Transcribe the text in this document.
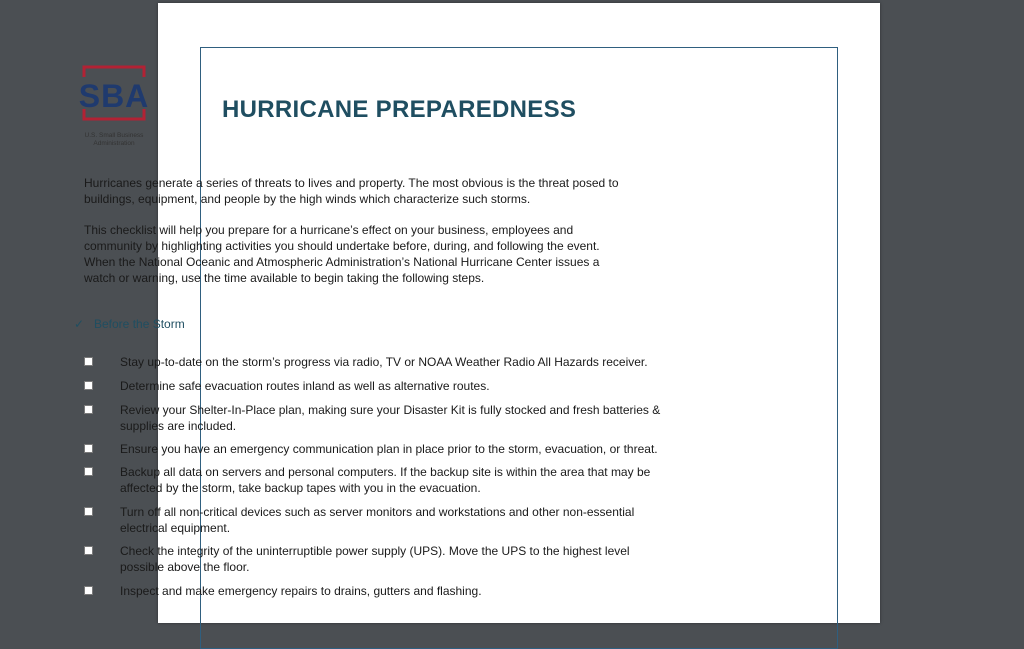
SBA
U.S. Small Business
Administration
HURRICANE PREPAREDNESS
Hurricanes generate a series of threats to lives and property. The most obvious is the threat posed to
buildings, equipment, and people by the high winds which characterize such storms.
This checklist will help you prepare for a hurricane’s effect on your business, employees and
community by highlighting activities you should undertake before, during, and following the event.
When the National Oceanic and Atmospheric Administration’s National Hurricane Center issues a
watch or warning, use the time available to begin taking the following steps.
✓ Before the Storm
Stay up-to-date on the storm’s progress via radio, TV or NOAA Weather Radio All Hazards receiver.
Determine safe evacuation routes inland as well as alternative routes.
Review your Shelter-In-Place plan, making sure your Disaster Kit is fully stocked and fresh batteries &
supplies are included.
Ensure you have an emergency communication plan in place prior to the storm, evacuation, or threat.
Backup all data on servers and personal computers. If the backup site is within the area that may be
affected by the storm, take backup tapes with you in the evacuation.
Turn off all non-critical devices such as server monitors and workstations and other non-essential
electrical equipment.
Check the integrity of the uninterruptible power supply (UPS). Move the UPS to the highest level
possible above the floor.
Inspect and make emergency repairs to drains, gutters and flashing.
